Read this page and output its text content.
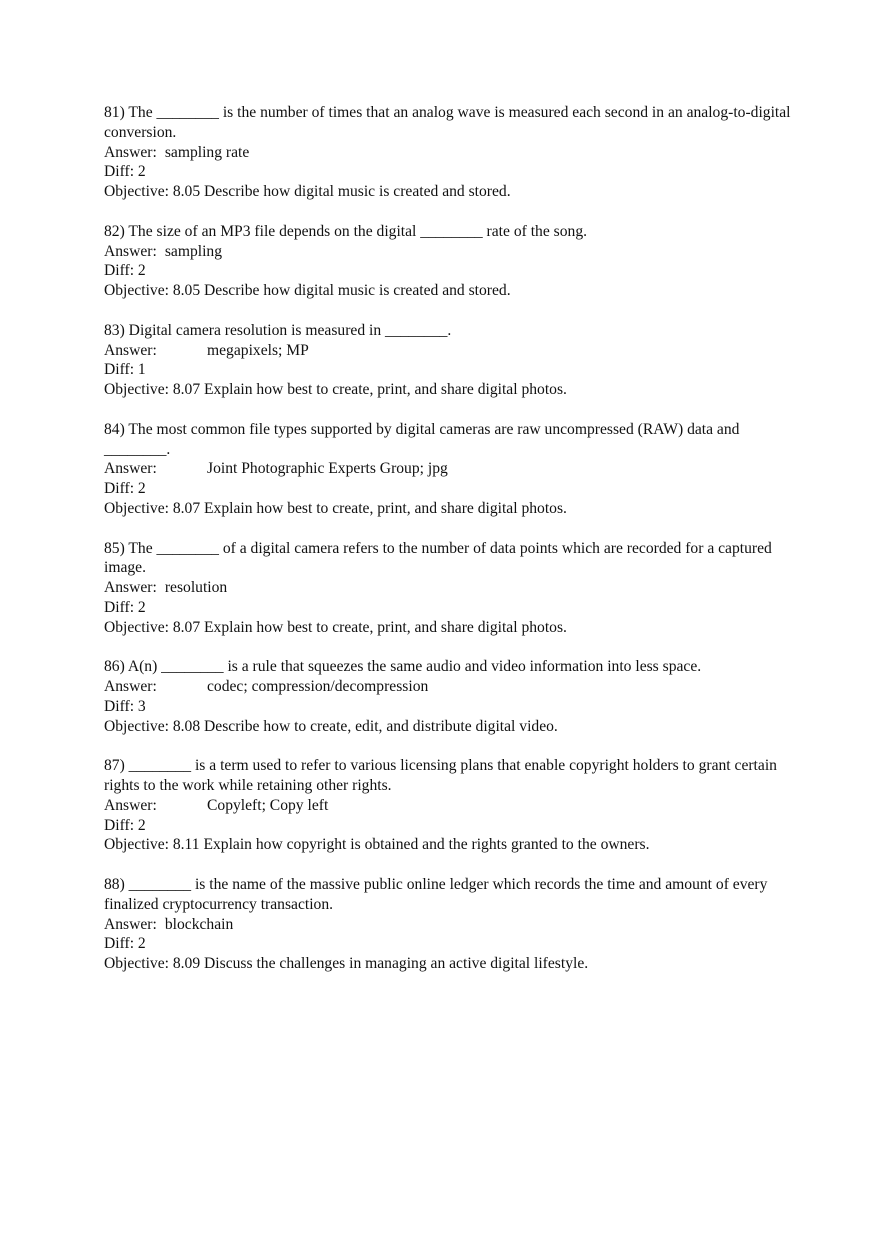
81) The ________ is the number of times that an analog wave is measured each second in an analog-to-digital conversion.

Answer: sampling rate

Diff: 2

Objective: 8.05 Describe how digital music is created and stored.

82) The size of an MP3 file depends on the digital ________ rate of the song.

Answer: sampling

Diff: 2

Objective: 8.05 Describe how digital music is created and stored.

83) Digital camera resolution is measured in ________.

Answer:	megapixels; MP

Diff: 1

Objective: 8.07 Explain how best to create, print, and share digital photos.

84) The most common file types supported by digital cameras are raw uncompressed (RAW) data and ________.

Answer:	Joint Photographic Experts Group; jpg

Diff: 2

Objective: 8.07 Explain how best to create, print, and share digital photos.

85) The ________ of a digital camera refers to the number of data points which are recorded for a captured image.

Answer: resolution

Diff: 2

Objective: 8.07 Explain how best to create, print, and share digital photos.

86) A(n) ________ is a rule that squeezes the same audio and video information into less space.

Answer:	codec; compression/decompression

Diff: 3

Objective: 8.08 Describe how to create, edit, and distribute digital video.

87) ________ is a term used to refer to various licensing plans that enable copyright holders to grant certain rights to the work while retaining other rights.

Answer:	Copyleft; Copy left

Diff: 2

Objective: 8.11 Explain how copyright is obtained and the rights granted to the owners.

88) ________ is the name of the massive public online ledger which records the time and amount of every finalized cryptocurrency transaction.

Answer: blockchain

Diff: 2

Objective: 8.09 Discuss the challenges in managing an active digital lifestyle.
